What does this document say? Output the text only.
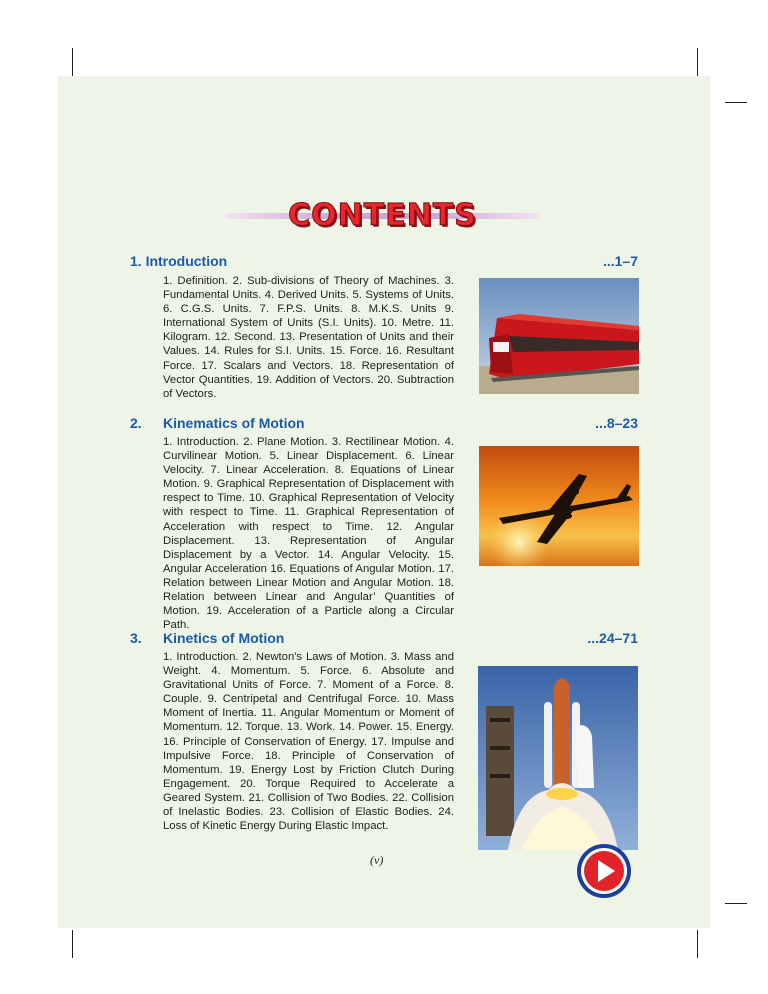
CONTENTS
1. Introduction	...1–7
1. Definition. 2. Sub-divisions of Theory of Machines. 3. Fundamental Units. 4. Derived Units. 5. Systems of Units. 6. C.G.S. Units. 7. F.P.S. Units. 8. M.K.S. Units 9. International System of Units (S.I. Units). 10. Metre. 11. Kilogram. 12. Second. 13. Presentation of Units and their Values. 14. Rules for S.I. Units. 15. Force. 16. Resultant Force. 17. Scalars and Vectors. 18. Representation of Vector Quantities. 19. Addition of Vectors. 20. Subtraction of Vectors.
2. Kinematics of Motion	...8–23
1. Introduction. 2. Plane Motion. 3. Rectilinear Motion. 4. Curvilinear Motion. 5. Linear Displacement. 6. Linear Velocity. 7. Linear Acceleration. 8. Equations of Linear Motion. 9. Graphical Representation of Displacement with respect to Time. 10. Graphical Representation of Velocity with respect to Time. 11. Graphical Representation of Acceleration with respect to Time. 12. Angular Displacement. 13. Representation of Angular Displacement by a Vector. 14. Angular Velocity. 15. Angular Acceleration 16. Equations of Angular Motion. 17. Relation between Linear Motion and Angular Motion. 18. Relation between Linear and Angular’ Quantities of Motion. 19. Acceleration of a Particle along a Circular Path.
3. Kinetics of Motion	...24–71
1. Introduction. 2. Newton's Laws of Motion. 3. Mass and Weight. 4. Momentum. 5. Force. 6. Absolute and Gravitational Units of Force. 7. Moment of a Force. 8. Couple. 9. Centripetal and Centrifugal Force. 10. Mass Moment of Inertia. 11. Angular Momentum or Moment of Momentum. 12. Torque. 13. Work. 14. Power. 15. Energy. 16. Principle of Conservation of Energy. 17. Impulse and Impulsive Force. 18. Principle of Conservation of Momentum. 19. Energy Lost by Friction Clutch During Engagement. 20. Torque Required to Accelerate a Geared System. 21. Collision of Two Bodies. 22. Collision of Inelastic Bodies. 23. Collision of Elastic Bodies. 24. Loss of Kinetic Energy During Elastic Impact.
(v)
